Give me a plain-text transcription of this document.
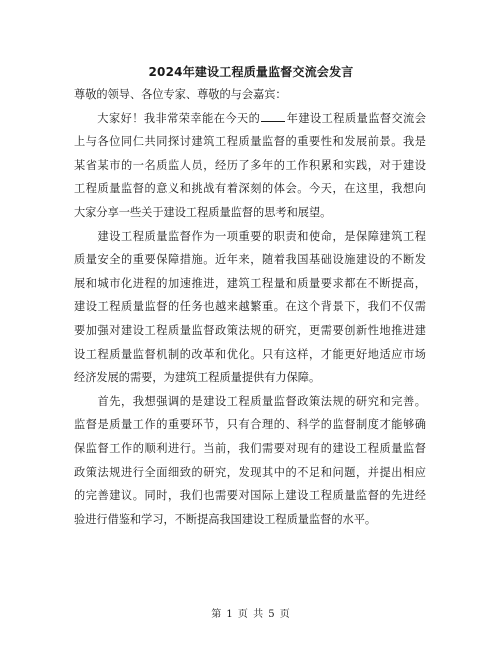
2024年建设工程质量监督交流会发言
尊敬的领导、各位专家、尊敬的与会嘉宾：
　　大家好！我非常荣幸能在今天的 年建设工程质量监督交流会
上与各位同仁共同探讨建筑工程质量监督的重要性和发展前景。我是
某省某市的一名质监人员，经历了多年的工作积累和实践，对于建设
工程质量监督的意义和挑战有着深刻的体会。今天，在这里，我想向
大家分享一些关于建设工程质量监督的思考和展望。
　　建设工程质量监督作为一项重要的职责和使命，是保障建筑工程
质量安全的重要保障措施。近年来，随着我国基础设施建设的不断发
展和城市化进程的加速推进，建筑工程量和质量要求都在不断提高，
建设工程质量监督的任务也越来越繁重。在这个背景下，我们不仅需
要加强对建设工程质量监督政策法规的研究，更需要创新性地推进建
设工程质量监督机制的改革和优化。只有这样，才能更好地适应市场
经济发展的需要，为建筑工程质量提供有力保障。
　　首先，我想强调的是建设工程质量监督政策法规的研究和完善。
监督是质量工作的重要环节，只有合理的、科学的监督制度才能够确
保监督工作的顺利进行。当前，我们需要对现有的建设工程质量监督
政策法规进行全面细致的研究，发现其中的不足和问题，并提出相应
的完善建议。同时，我们也需要对国际上建设工程质量监督的先进经
验进行借鉴和学习，不断提高我国建设工程质量监督的水平。
第 1 页 共 5 页
